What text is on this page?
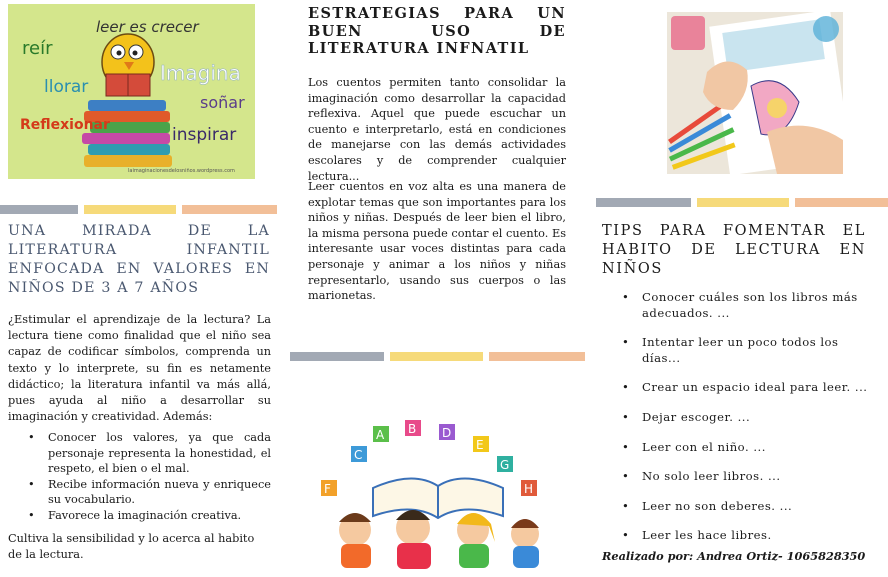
leer es crecer
reír
llorar
Imagina
soñar
Reflexionar	inspirar
laimaginacionesdelosniños.wordpress.com
UNA MIRADA DE LA LITERATURA INFANTIL ENFOCADA EN VALORES EN NIÑOS DE 3 A 7 AÑOS

¿Estimular el aprendizaje de la lectura? La lectura tiene como finalidad que el niño sea capaz de codificar símbolos, comprenda un texto y lo interprete, su fin es netamente didáctico; la literatura infantil va más allá, pues ayuda al niño a desarrollar su imaginación y creatividad. Además:

• Conocer los valores, ya que cada personaje representa la honestidad, el respeto, el bien o el mal.
• Recibe información nueva y enriquece su vocabulario.
• Favorece la imaginación creativa.

Cultiva la sensibilidad y lo acerca al habito de la lectura.

ESTRATEGIAS PARA UN BUEN USO DE LITERATURA INFNATIL

Los cuentos permiten tanto consolidar la imaginación como desarrollar la capacidad reflexiva. Aquel que puede escuchar un cuento e interpretarlo, está en condiciones de manejarse con las demás actividades escolares y de comprender cualquier lectura...

Leer cuentos en voz alta es una manera de explotar temas que son importantes para los niños y niñas. Después de leer bien el libro, la misma persona puede contar el cuento. Es interesante usar voces distintas para cada personaje y animar a los niños y niñas representarlo, usando sus cuerpos o las marionetas.

F
C
A B D
E
G
H
TIPS PARA FOMENTAR EL HABITO DE LECTURA EN NIÑOS
• Conocer cuáles son los libros más adecuados. ...
• Intentar leer un poco todos los días...
• Crear un espacio ideal para leer. ...
• Dejar escoger. ...
• Leer con el niño. ...
• No solo leer libros. ...
• Leer no son deberes. ...
• Leer les hace libres.

Realizado por: Andrea Ortiz- 1065828350
